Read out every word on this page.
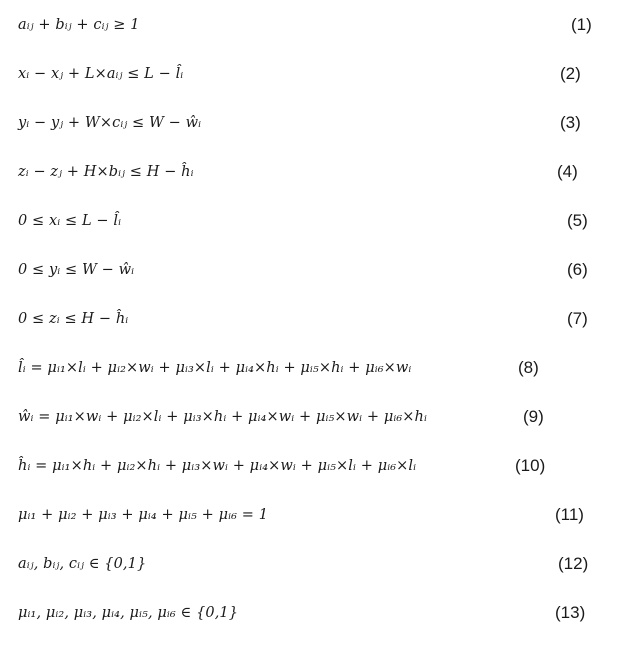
aᵢⱼ + bᵢⱼ + cᵢⱼ ≥ 1	(1)
xᵢ − xⱼ + L×aᵢⱼ ≤ L − l̂ᵢ	(2)
yᵢ − yⱼ + W×cᵢⱼ ≤ W − ŵᵢ	(3)
zᵢ − zⱼ + H×bᵢⱼ ≤ H − ĥᵢ	(4)
0 ≤ xᵢ ≤ L − l̂ᵢ	(5)
0 ≤ yᵢ ≤ W − ŵᵢ	(6)
0 ≤ zᵢ ≤ H − ĥᵢ	(7)
l̂ᵢ = μᵢ₁×lᵢ + μᵢ₂×wᵢ + μᵢ₃×lᵢ + μᵢ₄×hᵢ + μᵢ₅×hᵢ + μᵢ₆×wᵢ	(8)
ŵᵢ = μᵢ₁×wᵢ + μᵢ₂×lᵢ + μᵢ₃×hᵢ + μᵢ₄×wᵢ + μᵢ₅×wᵢ + μᵢ₆×hᵢ	(9)
ĥᵢ = μᵢ₁×hᵢ + μᵢ₂×hᵢ + μᵢ₃×wᵢ + μᵢ₄×wᵢ + μᵢ₅×lᵢ + μᵢ₆×lᵢ	(10)
μᵢ₁ + μᵢ₂ + μᵢ₃ + μᵢ₄ + μᵢ₅ + μᵢ₆ = 1	(11)
aᵢⱼ, bᵢⱼ, cᵢⱼ ∈ {0,1}	(12)
μᵢ₁, μᵢ₂, μᵢ₃, μᵢ₄, μᵢ₅, μᵢ₆ ∈ {0,1}	(13)
